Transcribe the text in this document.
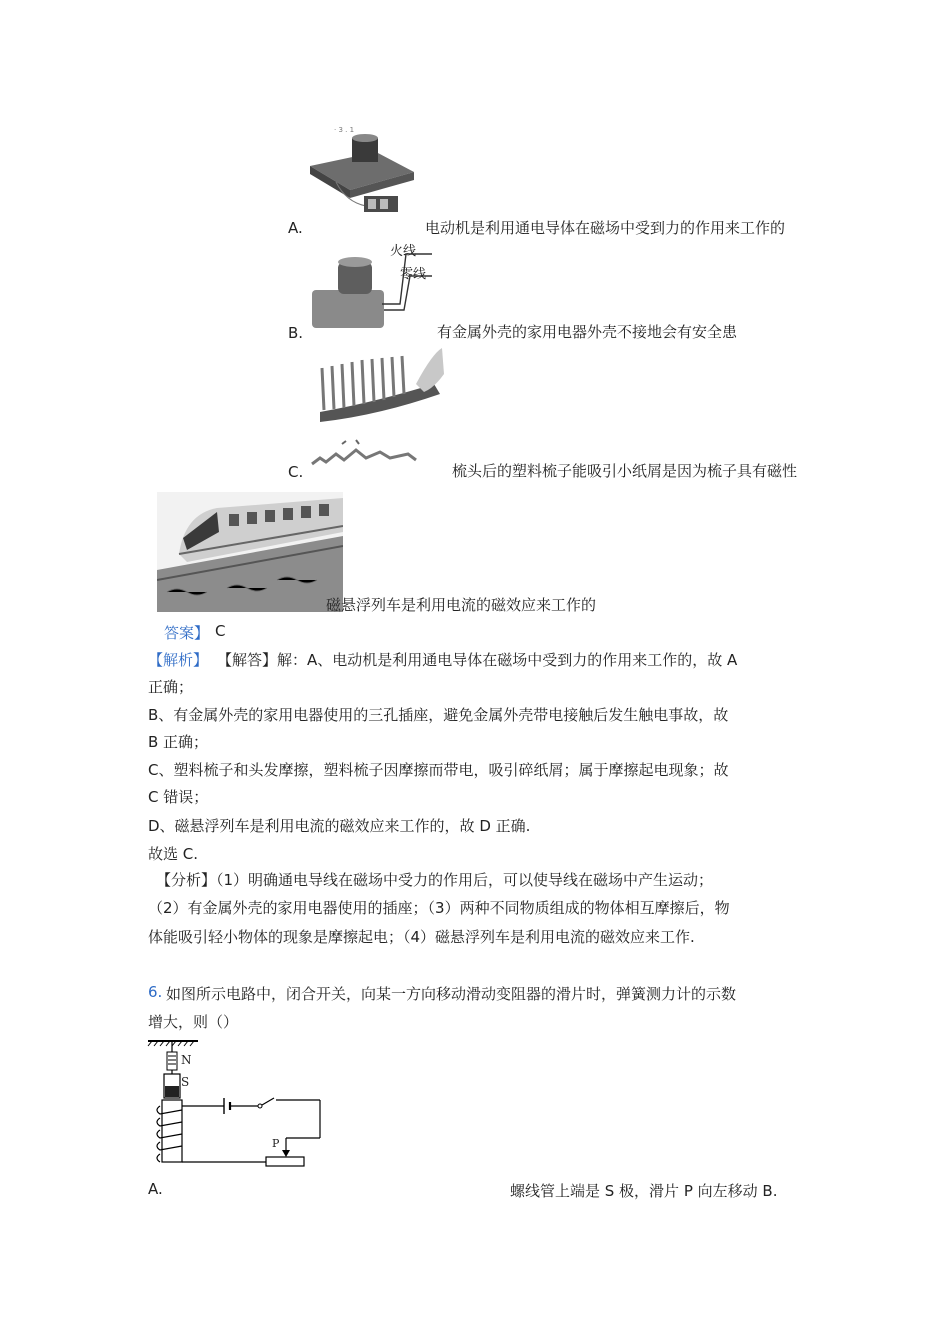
· 3 . 1
A.	电动机是利用通电导体在磁场中受到力的作用来工作的
火线
零线
B.	有金属外壳的家用电器外壳不接地会有安全患
C.	梳头后的塑料梳子能吸引小纸屑是因为梳子具有磁性
磁悬浮列车是利用电流的磁效应来工作的
答案】 C
【解析】 【解答】解：A、电动机是利用通电导体在磁场中受到力的作用来工作的，故 A
正确；
B、有金属外壳的家用电器使用的三孔插座，避免金属外壳带电接触后发生触电事故，故
B 正确；
C、塑料梳子和头发摩擦，塑料梳子因摩擦而带电，吸引碎纸屑；属于摩擦起电现象；故
C 错误；
D、磁悬浮列车是利用电流的磁效应来工作的，故 D 正确.
故选 C.
【分析】（1）明确通电导线在磁场中受力的作用后，可以使导线在磁场中产生运动；
（2）有金属外壳的家用电器使用的插座；（3）两种不同物质组成的物体相互摩擦后，物
体能吸引轻小物体的现象是摩擦起电；（4）磁悬浮列车是利用电流的磁效应来工作.
6. 如图所示电路中，闭合开关，向某一方向移动滑动变阻器的滑片时，弹簧测力计的示数
增大，则（）
N
S
P
A.	螺线管上端是 S 极，滑片 P 向左移动 B.
